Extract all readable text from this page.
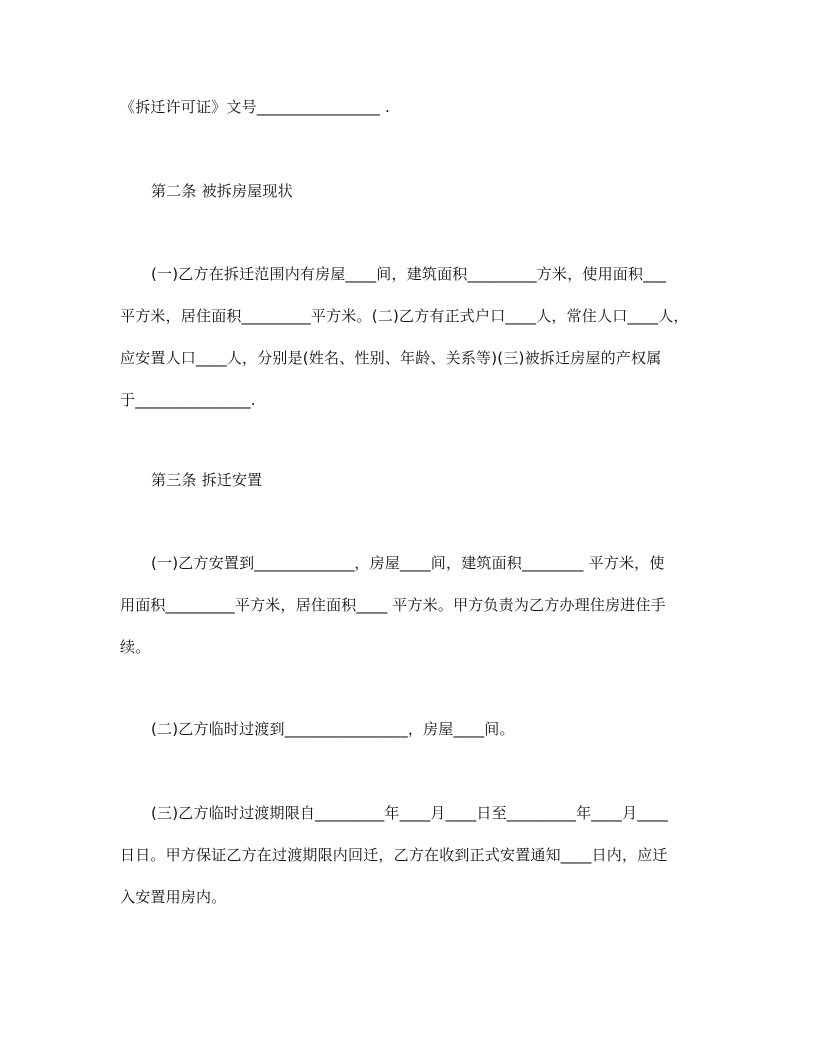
《拆迁许可证》文号________________ .
第二条 被拆房屋现状
(一)乙方在拆迁范围内有房屋____间，建筑面积_________方米，使用面积___
平方米，居住面积_________平方米。(二)乙方有正式户口____人，常住人口____人，
应安置人口____人，分别是(姓名、性别、年龄、关系等)(三)被拆迁房屋的产权属
于_______________.
第三条 拆迁安置
(一)乙方安置到_____________，房屋____间，建筑面积________ 平方米，使
用面积_________平方米，居住面积____ 平方米。甲方负责为乙方办理住房进住手
续。
(二)乙方临时过渡到________________，房屋____间。
(三)乙方临时过渡期限自_________年____月____日至_________年____月____
日日。甲方保证乙方在过渡期限内回迁，乙方在收到正式安置通知____日内，应迁
入安置用房内。
